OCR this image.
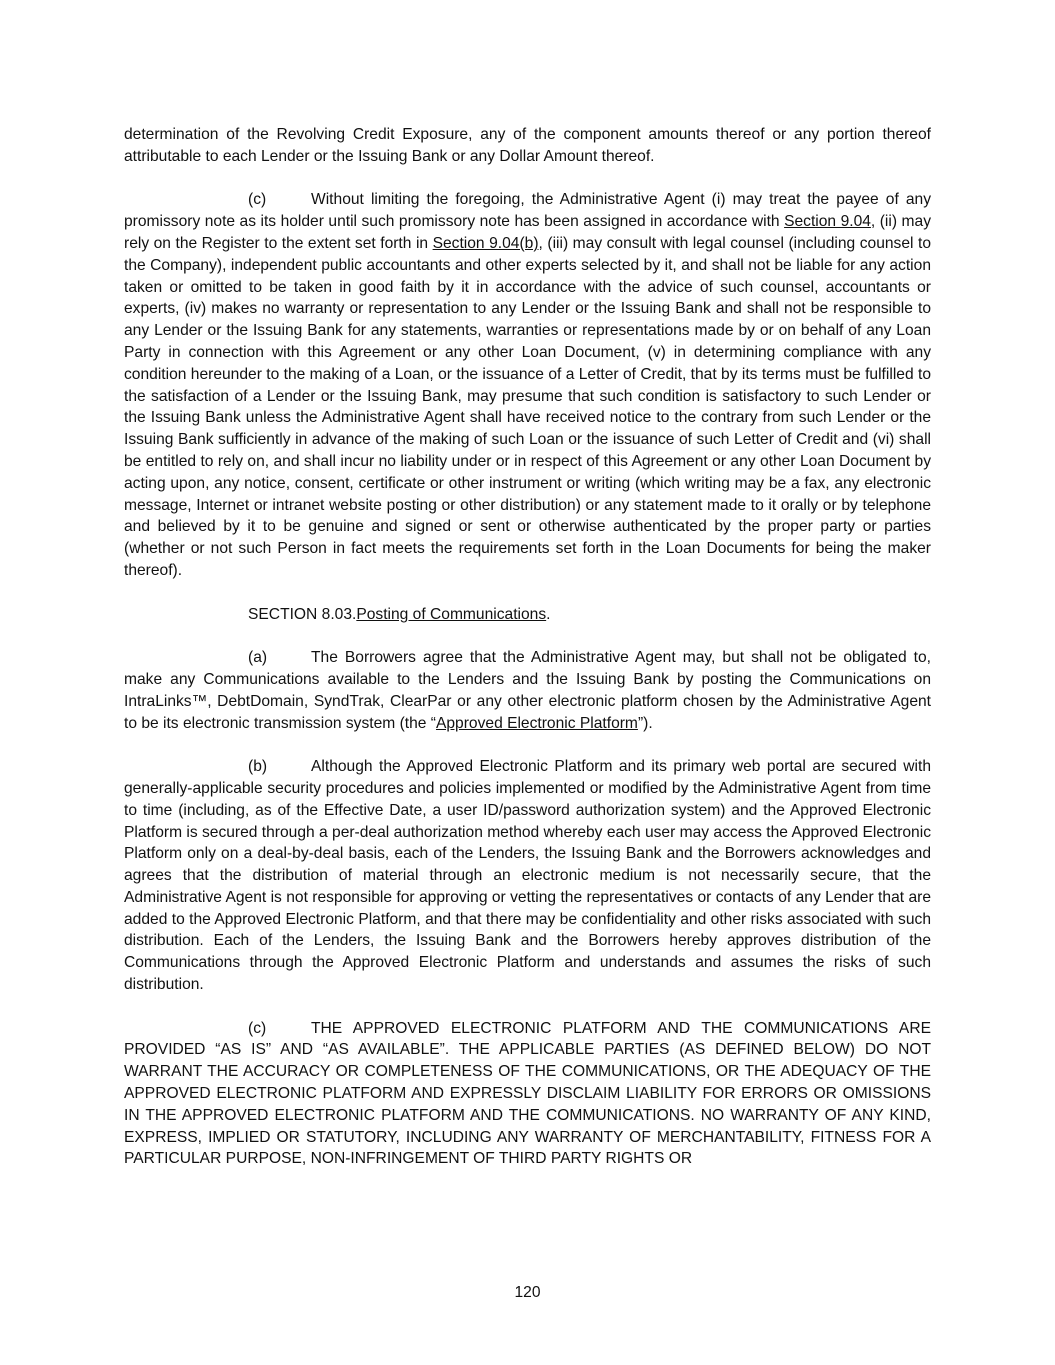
determination of the Revolving Credit Exposure, any of the component amounts thereof or any portion thereof attributable to each Lender or the Issuing Bank or any Dollar Amount thereof.

(c)	Without limiting the foregoing, the Administrative Agent (i) may treat the payee of any promissory note as its holder until such promissory note has been assigned in accordance with Section 9.04, (ii) may rely on the Register to the extent set forth in Section 9.04(b), (iii) may consult with legal counsel (including counsel to the Company), independent public accountants and other experts selected by it, and shall not be liable for any action taken or omitted to be taken in good faith by it in accordance with the advice of such counsel, accountants or experts, (iv) makes no warranty or representation to any Lender or the Issuing Bank and shall not be responsible to any Lender or the Issuing Bank for any statements, warranties or representations made by or on behalf of any Loan Party in connection with this Agreement or any other Loan Document, (v) in determining compliance with any condition hereunder to the making of a Loan, or the issuance of a Letter of Credit, that by its terms must be fulfilled to the satisfaction of a Lender or the Issuing Bank, may presume that such condition is satisfactory to such Lender or the Issuing Bank unless the Administrative Agent shall have received notice to the contrary from such Lender or the Issuing Bank sufficiently in advance of the making of such Loan or the issuance of such Letter of Credit and (vi) shall be entitled to rely on, and shall incur no liability under or in respect of this Agreement or any other Loan Document by acting upon, any notice, consent, certificate or other instrument or writing (which writing may be a fax, any electronic message, Internet or intranet website posting or other distribution) or any statement made to it orally or by telephone and believed by it to be genuine and signed or sent or otherwise authenticated by the proper party or parties (whether or not such Person in fact meets the requirements set forth in the Loan Documents for being the maker thereof).

SECTION 8.03.Posting of Communications.

(a)	The Borrowers agree that the Administrative Agent may, but shall not be obligated to, make any Communications available to the Lenders and the Issuing Bank by posting the Communications on IntraLinks™, DebtDomain, SyndTrak, ClearPar or any other electronic platform chosen by the Administrative Agent to be its electronic transmission system (the “Approved Electronic Platform”).

(b)	Although the Approved Electronic Platform and its primary web portal are secured with generally-applicable security procedures and policies implemented or modified by the Administrative Agent from time to time (including, as of the Effective Date, a user ID/password authorization system) and the Approved Electronic Platform is secured through a per-deal authorization method whereby each user may access the Approved Electronic Platform only on a deal-by-deal basis, each of the Lenders, the Issuing Bank and the Borrowers acknowledges and agrees that the distribution of material through an electronic medium is not necessarily secure, that the Administrative Agent is not responsible for approving or vetting the representatives or contacts of any Lender that are added to the Approved Electronic Platform, and that there may be confidentiality and other risks associated with such distribution. Each of the Lenders, the Issuing Bank and the Borrowers hereby approves distribution of the Communications through the Approved Electronic Platform and understands and assumes the risks of such distribution.

(c)	THE APPROVED ELECTRONIC PLATFORM AND THE COMMUNICATIONS ARE PROVIDED “AS IS” AND “AS AVAILABLE”. THE APPLICABLE PARTIES (AS DEFINED BELOW) DO NOT WARRANT THE ACCURACY OR COMPLETENESS OF THE COMMUNICATIONS, OR THE ADEQUACY OF THE APPROVED ELECTRONIC PLATFORM AND EXPRESSLY DISCLAIM LIABILITY FOR ERRORS OR OMISSIONS IN THE APPROVED ELECTRONIC PLATFORM AND THE COMMUNICATIONS. NO WARRANTY OF ANY KIND, EXPRESS, IMPLIED OR STATUTORY, INCLUDING ANY WARRANTY OF MERCHANTABILITY, FITNESS FOR A PARTICULAR PURPOSE, NON-INFRINGEMENT OF THIRD PARTY RIGHTS OR

120
